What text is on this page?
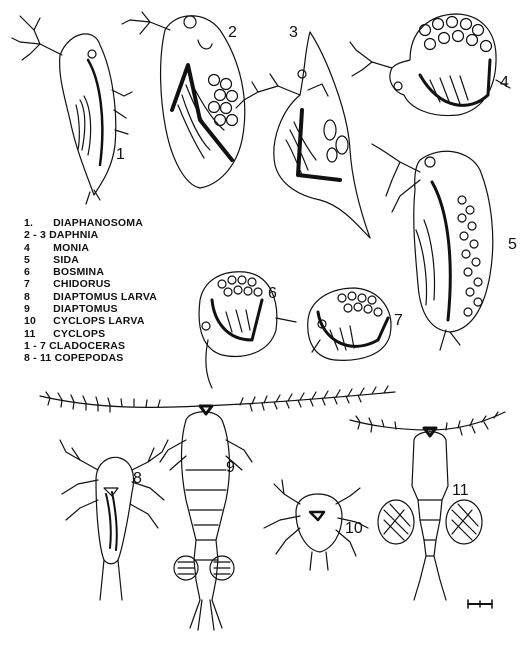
1
2	3
4
5
6
7
8
9
10
11
1. DIAPHANOSOMA
2 - 3 DAPHNIA
4 MONIA
5 SIDA
6 BOSMINA
7 CHIDORUS
8 DIAPTOMUS LARVA
9 DIAPTOMUS
10 CYCLOPS LARVA
11 CYCLOPS
1 - 7 CLADOCERAS
8 - 11 COPEPODAS
